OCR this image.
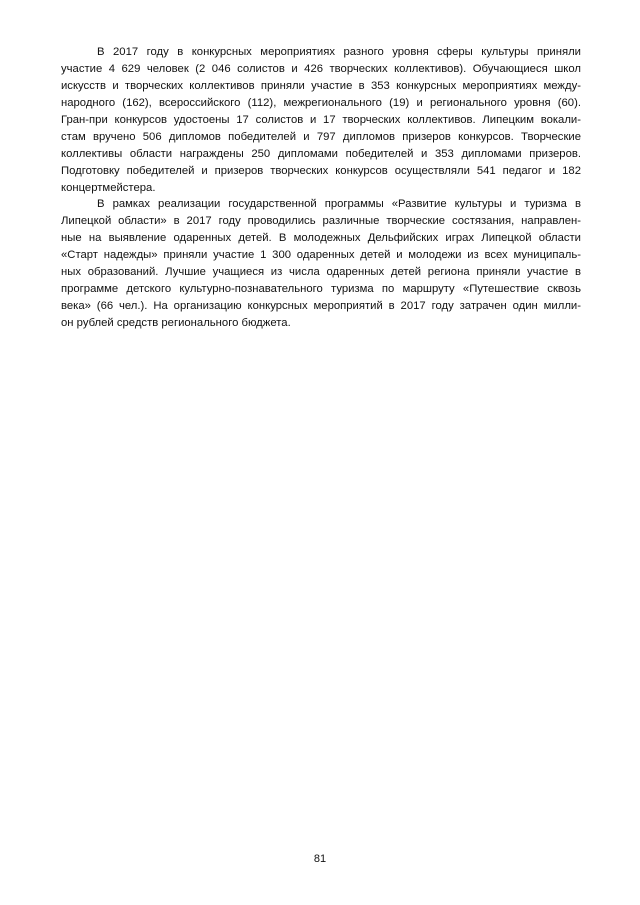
В 2017 году в конкурсных мероприятиях разного уровня сферы культуры приняли
участие 4 629 человек (2 046 солистов и 426 творческих коллективов). Обучающиеся школ
искусств и творческих коллективов приняли участие в 353 конкурсных мероприятиях между-
народного (162), всероссийского (112), межрегионального (19) и регионального уровня (60).
Гран-при конкурсов удостоены 17 солистов и 17 творческих коллективов. Липецким вокали-
стам вручено 506 дипломов победителей и 797 дипломов призеров конкурсов. Творческие
коллективы области награждены 250 дипломами победителей и 353 дипломами призеров.
Подготовку победителей и призеров творческих конкурсов осуществляли 541 педагог и 182
концертмейстера.
В рамках реализации государственной программы «Развитие культуры и туризма в
Липецкой области» в 2017 году проводились различные творческие состязания, направлен-
ные на выявление одаренных детей. В молодежных Дельфийских играх Липецкой области
«Старт надежды» приняли участие 1 300 одаренных детей и молодежи из всех муниципаль-
ных образований. Лучшие учащиеся из числа одаренных детей региона приняли участие в
программе детского культурно-познавательного туризма по маршруту «Путешествие сквозь
века» (66 чел.). На организацию конкурсных мероприятий в 2017 году затрачен один милли-
он рублей средств регионального бюджета.
81
